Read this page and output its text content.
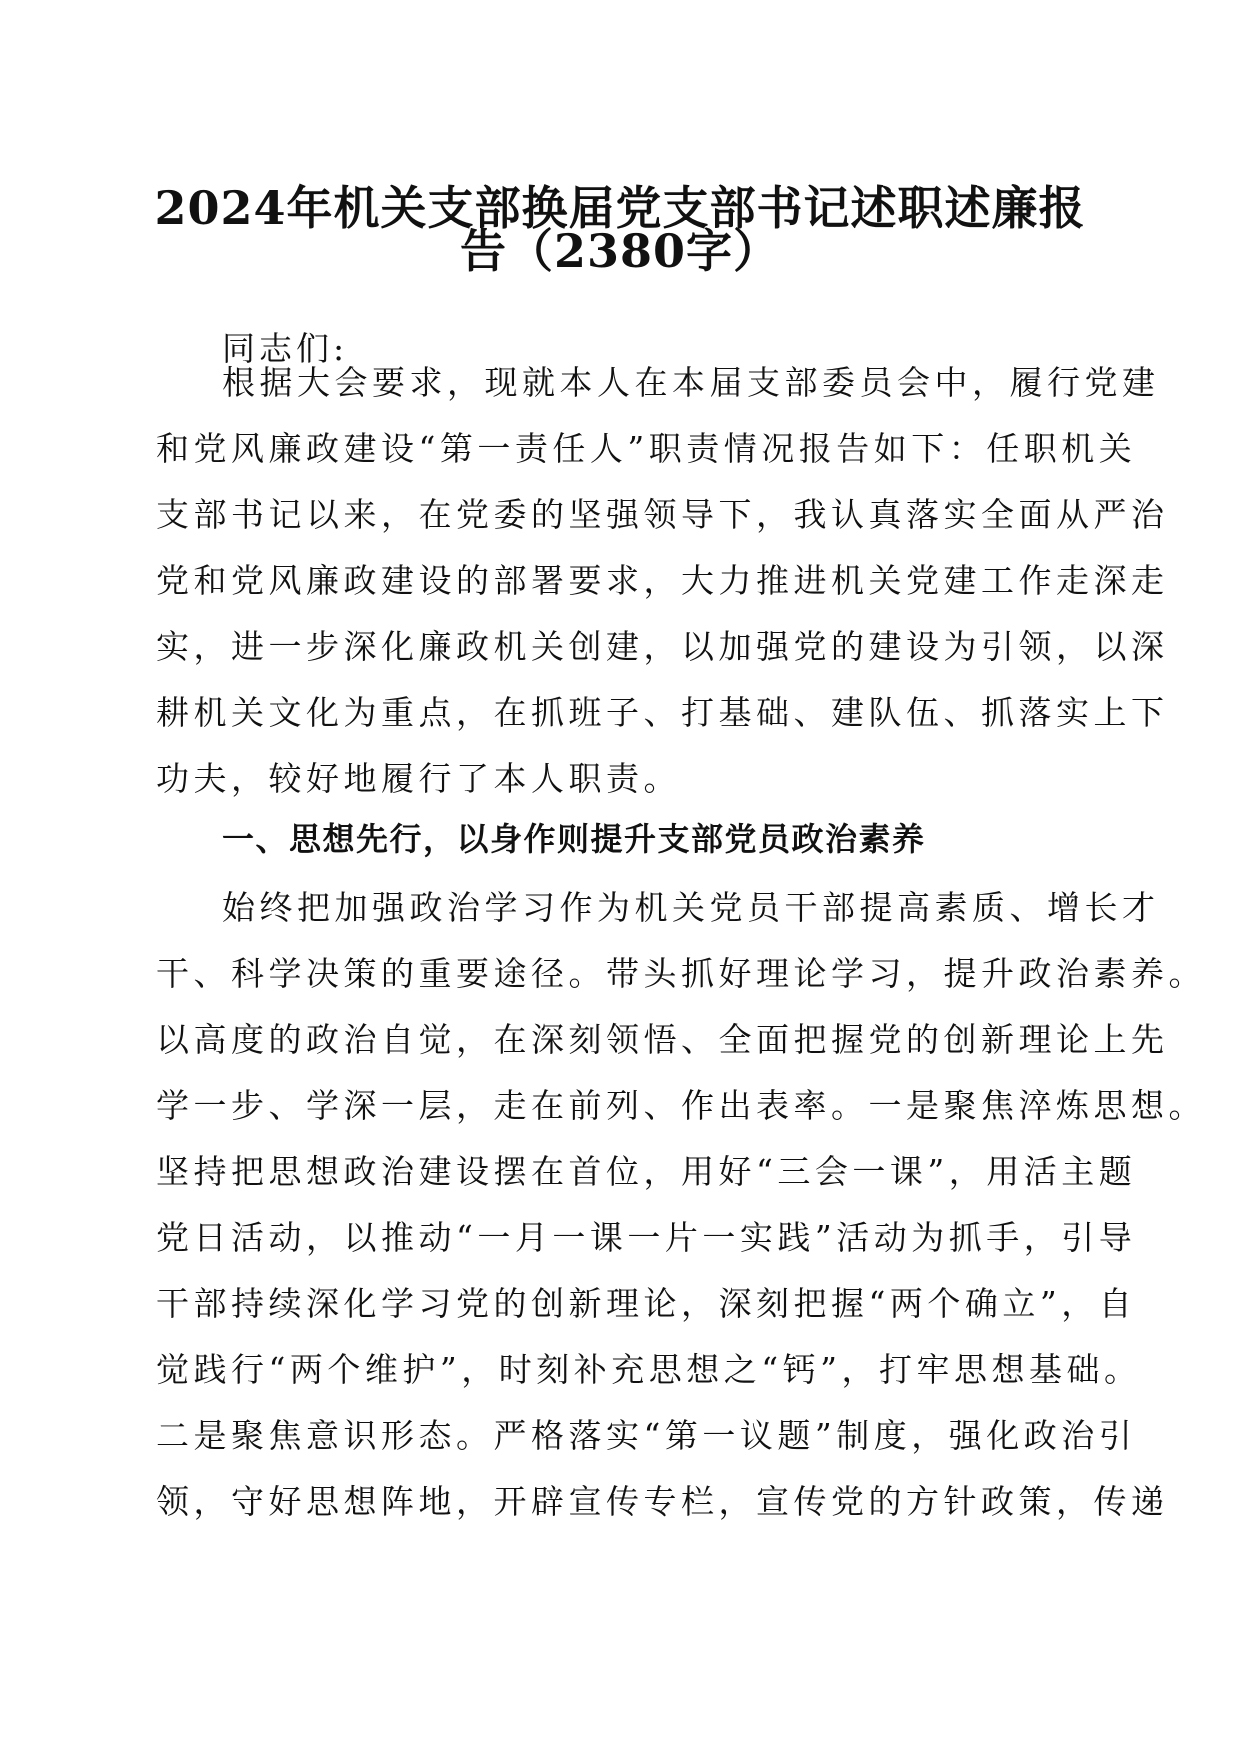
2024年机关支部换届党支部书记述职述廉报
告（2380字）

同志们:

根据大会要求，现就本人在本届支部委员会中，履行党建
和党风廉政建设“第一责任人”职责情况报告如下：任职机关
支部书记以来，在党委的坚强领导下，我认真落实全面从严治
党和党风廉政建设的部署要求，大力推进机关党建工作走深走
实，进一步深化廉政机关创建，以加强党的建设为引领，以深
耕机关文化为重点，在抓班子、打基础、建队伍、抓落实上下
功夫，较好地履行了本人职责。
一、思想先行，以身作则提升支部党员政治素养
始终把加强政治学习作为机关党员干部提高素质、增长才
干、科学决策的重要途径。带头抓好理论学习，提升政治素养。
以高度的政治自觉，在深刻领悟、全面把握党的创新理论上先
学一步、学深一层，走在前列、作出表率。一是聚焦淬炼思想。
坚持把思想政治建设摆在首位，用好“三会一课”，用活主题
党日活动，以推动“一月一课一片一实践”活动为抓手，引导
干部持续深化学习党的创新理论，深刻把握“两个确立”，自
觉践行“两个维护”，时刻补充思想之“钙”，打牢思想基础。
二是聚焦意识形态。严格落实“第一议题”制度，强化政治引
领，守好思想阵地，开辟宣传专栏，宣传党的方针政策，传递
